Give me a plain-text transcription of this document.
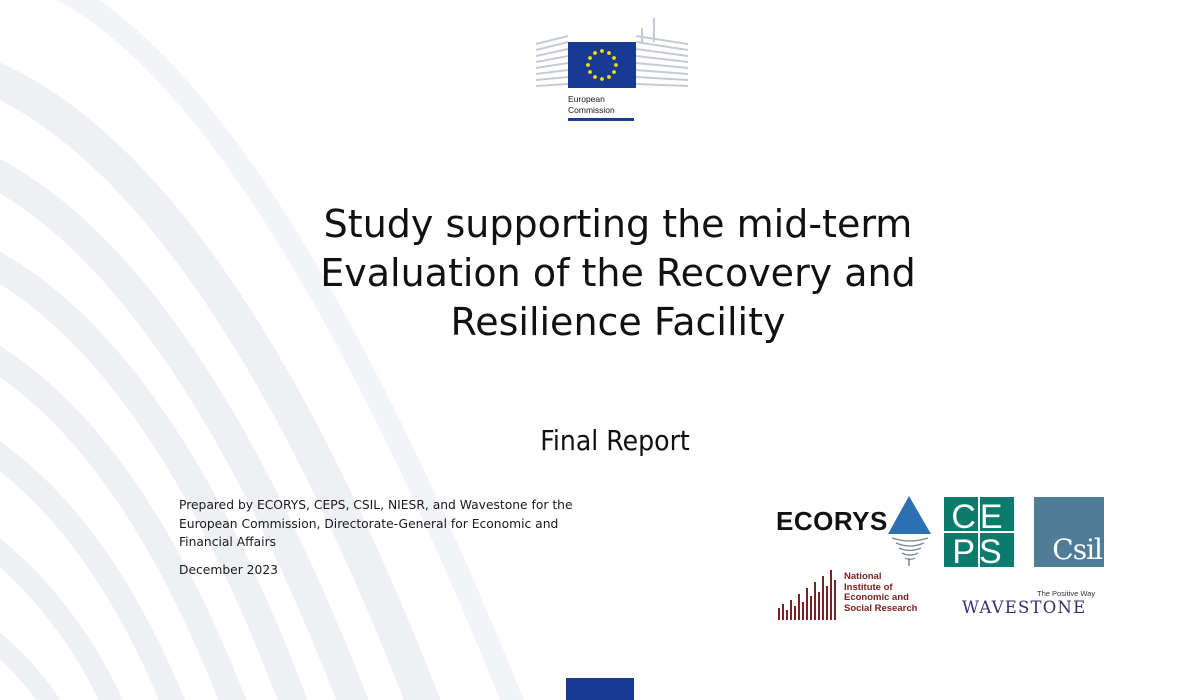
European
Commission
Study supporting the mid-term
Evaluation of the Recovery and
Resilience Facility
Final Report
Prepared by ECORYS, CEPS, CSIL, NIESR, and Wavestone for the
European Commission, Directorate-General for Economic and
Financial Affairs
December 2023
ECORYS CE
PS Csil
National
Institute of
Economic and
Social Research
The Positive Way
WAVESTONE
